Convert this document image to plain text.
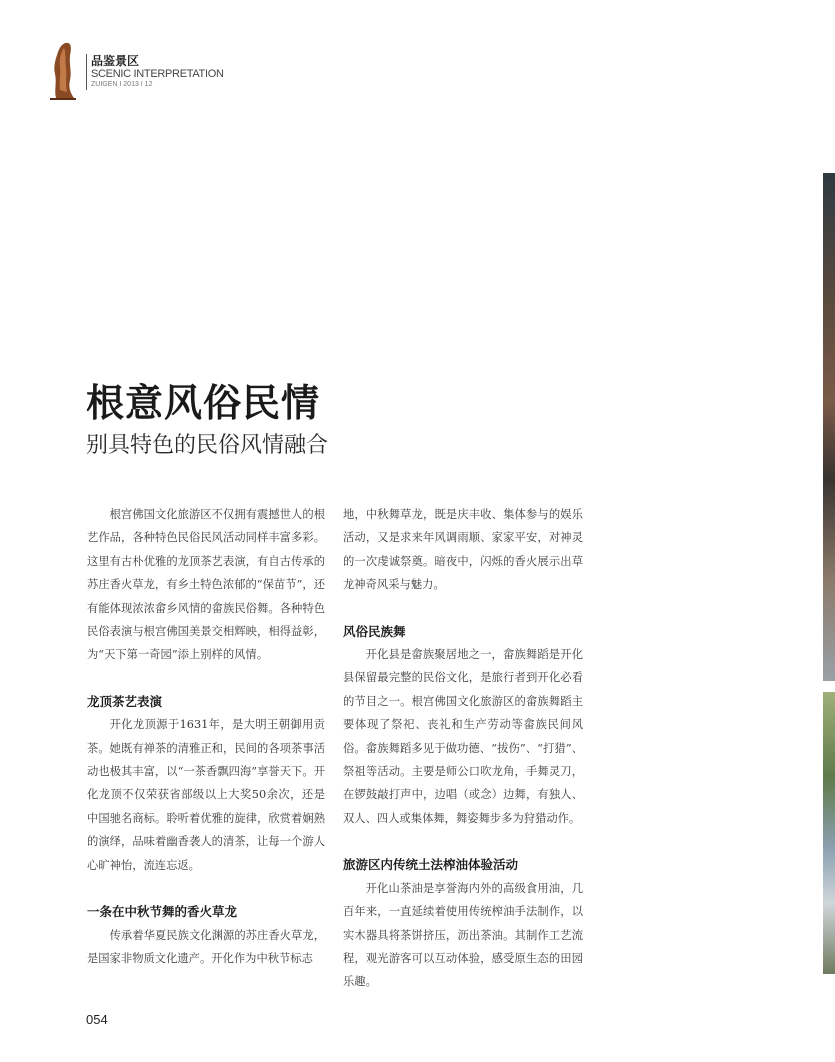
品鉴景区
SCENIC INTERPRETATION
ZUIGEN I 2013 I 12
根意风俗民情
别具特色的民俗风情融合

根宫佛国文化旅游区不仅拥有震撼世人的根艺作品，各种特色民俗民风活动同样丰富多彩。这里有古朴优雅的龙顶茶艺表演，有自古传承的苏庄香火草龙，有乡土特色浓郁的“保苗节”，还有能体现浓浓畲乡风情的畲族民俗舞。各种特色民俗表演与根宫佛国美景交相辉映，相得益彰，为“天下第一奇园”添上别样的风情。

龙顶茶艺表演

开化龙顶源于1631年，是大明王朝御用贡茶。她既有禅茶的清雅正和，民间的各项茶事活动也极其丰富，以“一茶香飘四海”享誉天下。开化龙顶不仅荣获省部级以上大奖50余次，还是中国驰名商标。聆听着优雅的旋律，欣赏着娴熟的演绎，品味着幽香袭人的清茶，让每一个游人心旷神怡，流连忘返。

一条在中秋节舞的香火草龙

传承着华夏民族文化渊源的苏庄香火草龙，是国家非物质文化遗产。开化作为中秋节标志

地，中秋舞草龙，既是庆丰收、集体参与的娱乐活动，又是求来年风调雨顺、家家平安，对神灵的一次虔诚祭奠。暗夜中，闪烁的香火展示出草龙神奇风采与魅力。

风俗民族舞

开化县是畲族聚居地之一，畲族舞蹈是开化县保留最完整的民俗文化，是旅行者到开化必看的节目之一。根宫佛国文化旅游区的畲族舞蹈主要体现了祭祀、丧礼和生产劳动等畲族民间风俗。畲族舞蹈多见于做功德、“拔伤”、“打猎”、祭祖等活动。主要是师公口吹龙角，手舞灵刀，在锣鼓敲打声中，边唱（或念）边舞，有独人、双人、四人或集体舞，舞姿舞步多为狩猎动作。

旅游区内传统土法榨油体验活动

开化山茶油是享誉海内外的高级食用油，几百年来，一直延续着使用传统榨油手法制作，以实木器具将茶饼挤压，沥出茶油。其制作工艺流程，观光游客可以互动体验，感受原生态的田园乐趣。

054
